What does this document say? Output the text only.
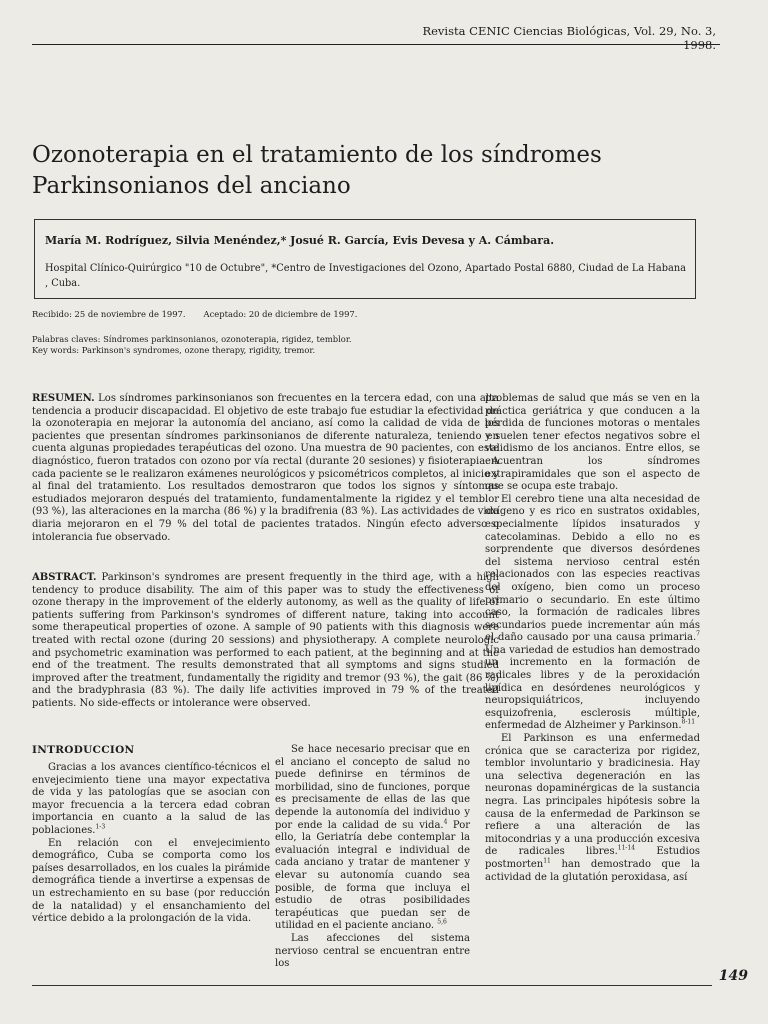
Revista CENIC Ciencias Biológicas, Vol. 29, No. 3, 1998.
Ozonoterapia en el tratamiento de los síndromes
Parkinsonianos del anciano
María M. Rodríguez, Silvia Menéndez,* Josué R. García, Evis Devesa y A. Cámbara.
Hospital Clínico-Quirúrgico "10 de Octubre", *Centro de Investigaciones del Ozono, Apartado Postal 6880, Ciudad de La Habana , Cuba.
Recibido: 25 de noviembre de 1997. Aceptado: 20 de diciembre de 1997.
Palabras claves: Síndromes parkinsonianos, ozonoterapia, rigidez, temblor.
Key words: Parkinson's syndromes, ozone therapy, rigidity, tremor.

RESUMEN. Los síndromes parkinsonianos son frecuentes en la tercera edad, con una alta tendencia a producir discapacidad. El objetivo de este trabajo fue estudiar la efectividad de la ozonoterapia en mejorar la autonomía del anciano, así como la calidad de vida de los pacientes que presentan síndromes parkinsonianos de diferente naturaleza, teniendo en cuenta algunas propiedades terapéuticas del ozono. Una muestra de 90 pacientes, con este diagnóstico, fueron tratados con ozono por vía rectal (durante 20 sesiones) y fisioterapia. A cada paciente se le realizaron exámenes neurológicos y psicométricos completos, al inicio y al final del tratamiento. Los resultados demostraron que todos los signos y síntomas estudiados mejoraron después del tratamiento, fundamentalmente la rigidez y el temblor (93 %), las alteraciones en la marcha (86 %) y la bradifrenia (83 %). Las actividades de vida diaria mejoraron en el 79 % del total de pacientes tratados. Ningún efecto adverso o intolerancia fue observado.

ABSTRACT. Parkinson's syndromes are present frequently in the third age, with a high tendency to produce disability. The aim of this paper was to study the effectiveness of ozone therapy in the improvement of the elderly autonomy, as well as the quality of life of patients suffering from Parkinson's syndromes of different nature, taking into account some therapeutical properties of ozone. A sample of 90 patients with this diagnosis were treated with rectal ozone (during 20 sessions) and physiotherapy. A complete neurologic and psychometric examination was performed to each patient, at the beginning and at the end of the treatment. The results demonstrated that all symptoms and signs studied improved after the treatment, fundamentally the rigidity and tremor (93 %), the gait (86 %) and the bradyphrasia (83 %). The daily life activities improved in 79 % of the treated patients. No side-effects or intolerance were observed.

INTRODUCCION

Gracias a los avances científico-técnicos el envejecimiento tiene una mayor expectativa de vida y las patologías que se asocian con mayor frecuencia a la tercera edad cobran importancia en cuanto a la salud de las poblaciones.$^{1-3}$

En relación con el envejecimiento demográfico, Cuba se comporta como los países desarrollados, en los cuales la pirámide demográfica tiende a invertirse a expensas de un estrechamiento en su base (por reducción de la natalidad) y el ensanchamiento del vértice debido a la prolongación de la vida.

Se hace necesario precisar que en el anciano el concepto de salud no puede definirse en términos de morbilidad, sino de funciones, porque es precisamente de ellas de las que depende la autonomía del individuo y por ende la calidad de su vida.$^4$ Por ello, la Geriatría debe contemplar la evaluación integral e individual de cada anciano y tratar de mantener y elevar su autonomía cuando sea posible, de forma que incluya el estudio de otras posibilidades terapéuticas que puedan ser de utilidad en el paciente anciano. $^{5,6}$

Las afecciones del sistema nervioso central se encuentran entre los

problemas de salud que más se ven en la práctica geriátrica y que conducen a la pérdida de funciones motoras o mentales y suelen tener efectos negativos sobre el validismo de los ancianos. Entre ellos, se encuentran los síndromes extrapiramidales que son el aspecto de que se ocupa este trabajo.

El cerebro tiene una alta necesidad de oxígeno y es rico en sustratos oxidables, especialmente lípidos insaturados y catecolaminas. Debido a ello no es sorprendente que diversos desórdenes del sistema nervioso central estén relacionados con las especies reactivas del oxígeno, bien como un proceso primario o secundario. En este último caso, la formación de radicales libres secundarios puede incrementar aún más el daño causado por una causa primaria.$^7$ Una variedad de estudios han demostrado un incremento en la formación de radicales libres y de la peroxidación lipídica en desórdenes neurológicos y neuropsiquiátricos, incluyendo esquizofrenia, esclerosis múltiple, enfermedad de Alzheimer y Parkinson.$^{8-11}$

El Parkinson es una enfermedad crónica que se caracteriza por rigidez, temblor involuntario y bradicinesia. Hay una selectiva degeneración en las neuronas dopaminérgicas de la sustancia negra. Las principales hipótesis sobre la causa de la enfermedad de Parkinson se refiere a una alteración de las mitocondrias y a una producción excesiva de radicales libres.$^{11-14}$ Estudios postmorten$^{11}$ han demostrado que la actividad de la glutatión peroxidasa, así

149
